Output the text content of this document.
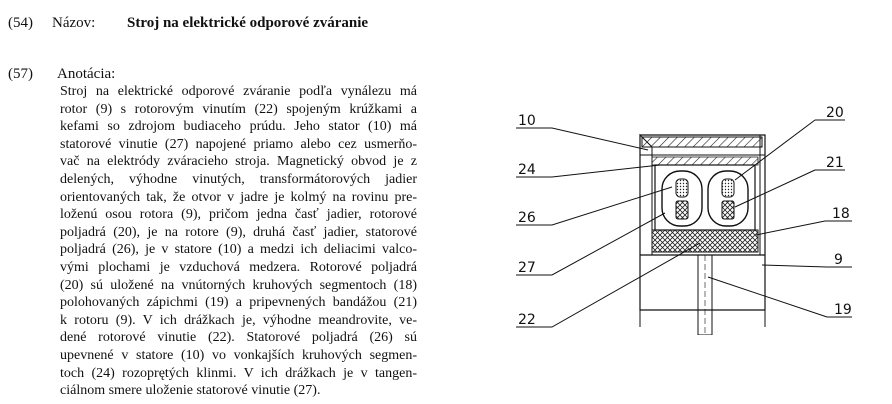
(54) Názov: Stroj na elektrické odporové zváranie
(57) Anotácia:
Stroj na elektrické odporové zváranie podľa vynálezu má
rotor (9) s rotorovým vinutím (22) spojeným krúžkami a
kefami so zdrojom budiaceho prúdu. Jeho stator (10) má
statorové vinutie (27) napojené priamo alebo cez usmerňo-
vač na elektródy zváracieho stroja. Magnetický obvod je z
delených, výhodne vinutých, transformátorových jadier
orientovaných tak, že otvor v jadre je kolmý na rovinu pre-
loženú osou rotora (9), pričom jedna časť jadier, rotorové
poljadrá (20), je na rotore (9), druhá časť jadier, statorové
poljadrá (26), je v statore (10) a medzi ich deliacimi valco-
vými plochami je vzduchová medzera. Rotorové poljadrá
(20) sú uložené na vnútorných kruhových segmentoch (18)
polohovaných zápichmi (19) a pripevnených bandážou (21)
k rotoru (9). V ich drážkach je, výhodne meandrovite, ve-
dené rotorové vinutie (22). Statorové poljadrá (26) sú
upevnené v statore (10) vo vonkajších kruhových segmen-
toch (24) rozoprętých klinmi. V ich drážkach je v tangen-
ciálnom smere uloženie statorové vinutie (27).
10	20
21
24
26	18
27	9
22
19
